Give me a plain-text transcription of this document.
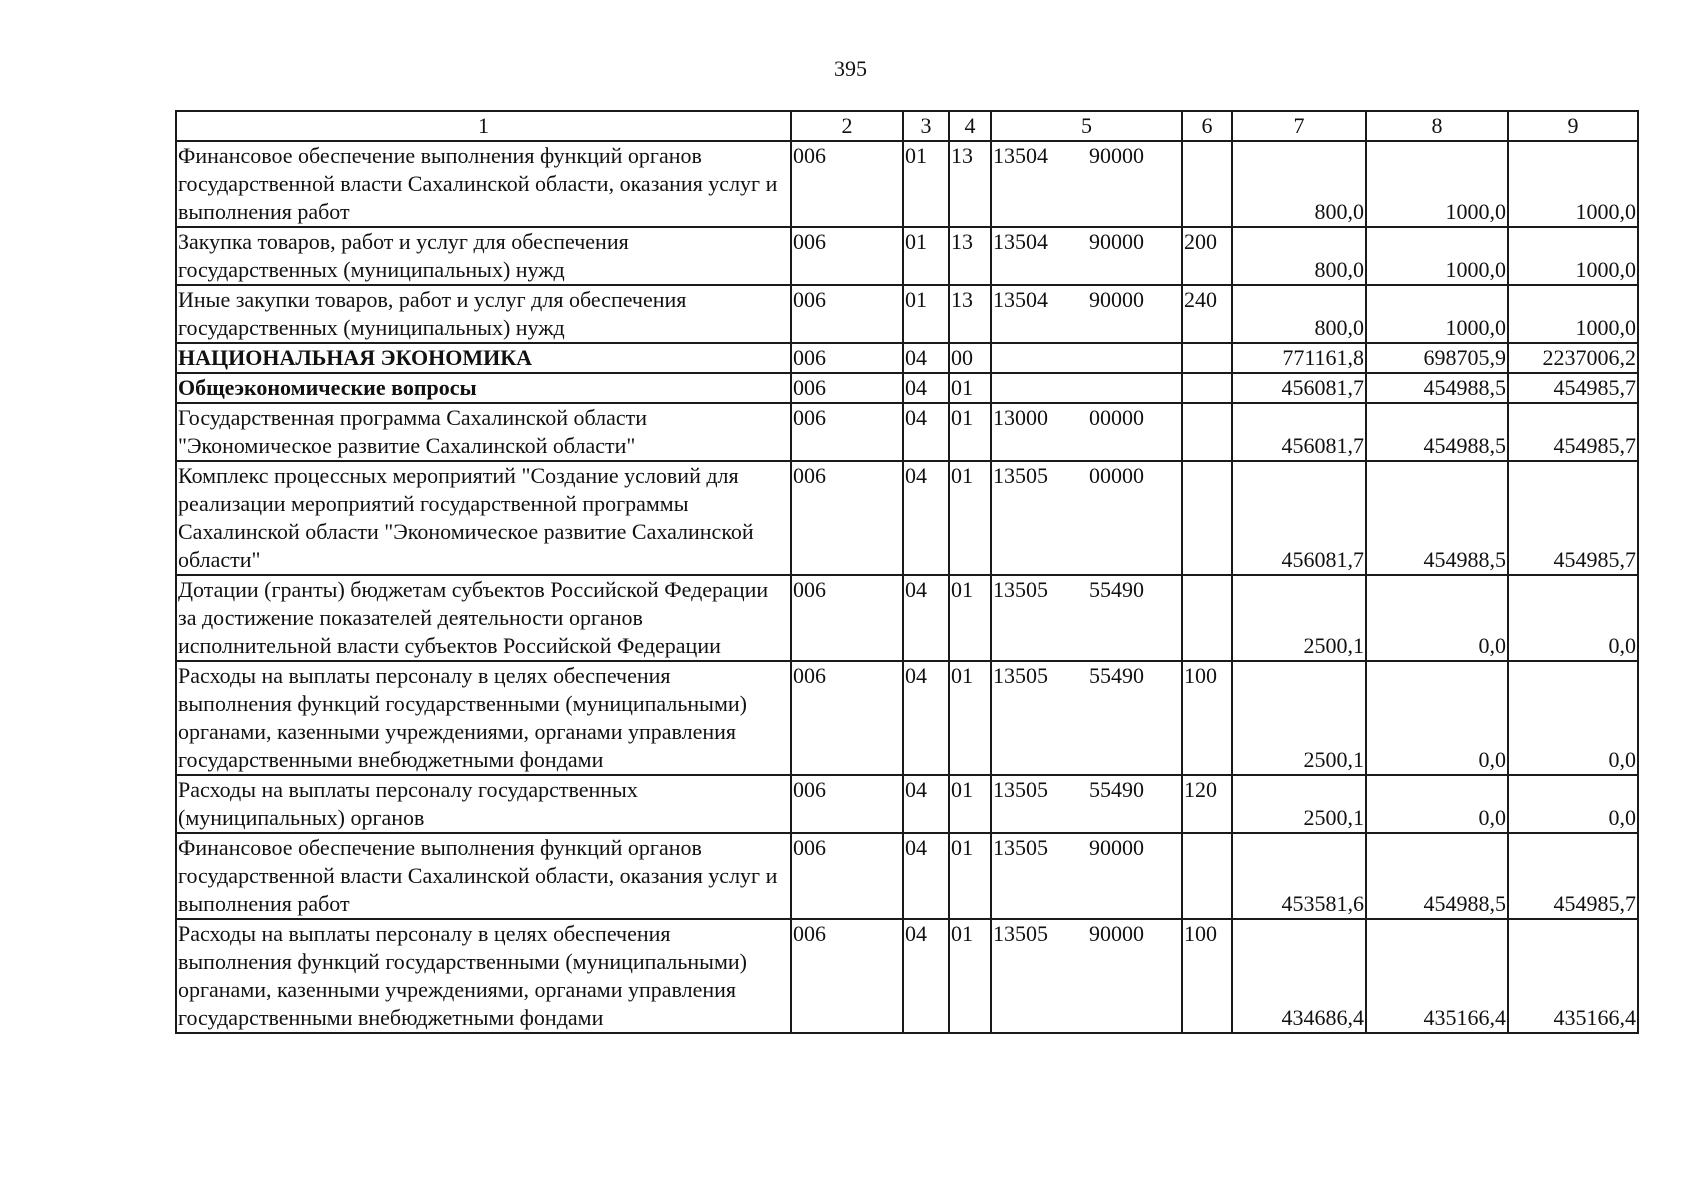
395
1	2	3	4	5	6	7	8	9
Финансовое обеспечение выполнения функций органов государственной власти Сахалинской области, оказания услуг и выполнения работ	006	01	13	13504 90000		800,0	1000,0	1000,0
Закупка товаров, работ и услуг для обеспечения государственных (муниципальных) нужд	006	01	13	13504 90000	200	800,0	1000,0	1000,0
Иные закупки товаров, работ и услуг для обеспечения государственных (муниципальных) нужд	006	01	13	13504 90000	240	800,0	1000,0	1000,0
НАЦИОНАЛЬНАЯ ЭКОНОМИКА	006	04	00			771161,8	698705,9	2237006,2
Общеэкономические вопросы	006	04	01			456081,7	454988,5	454985,7
Государственная программа Сахалинской области "Экономическое развитие Сахалинской области"	006	04	01	13000 00000		456081,7	454988,5	454985,7
Комплекс процессных мероприятий "Создание условий для реализации мероприятий государственной программы Сахалинской области "Экономическое развитие Сахалинской области"	006	04	01	13505 00000		456081,7	454988,5	454985,7
Дотации (гранты) бюджетам субъектов Российской Федерации за достижение показателей деятельности органов исполнительной власти субъектов Российской Федерации	006	04	01	13505 55490		2500,1	0,0	0,0
Расходы на выплаты персоналу в целях обеспечения выполнения функций государственными (муниципальными) органами, казенными учреждениями, органами управления государственными внебюджетными фондами	006	04	01	13505 55490	100	2500,1	0,0	0,0
Расходы на выплаты персоналу государственных (муниципальных) органов	006	04	01	13505 55490	120	2500,1	0,0	0,0
Финансовое обеспечение выполнения функций органов государственной власти Сахалинской области, оказания услуг и выполнения работ	006	04	01	13505 90000		453581,6	454988,5	454985,7
Расходы на выплаты персоналу в целях обеспечения выполнения функций государственными (муниципальными) органами, казенными учреждениями, органами управления государственными внебюджетными фондами	006	04	01	13505 90000	100	434686,4	435166,4	435166,4
